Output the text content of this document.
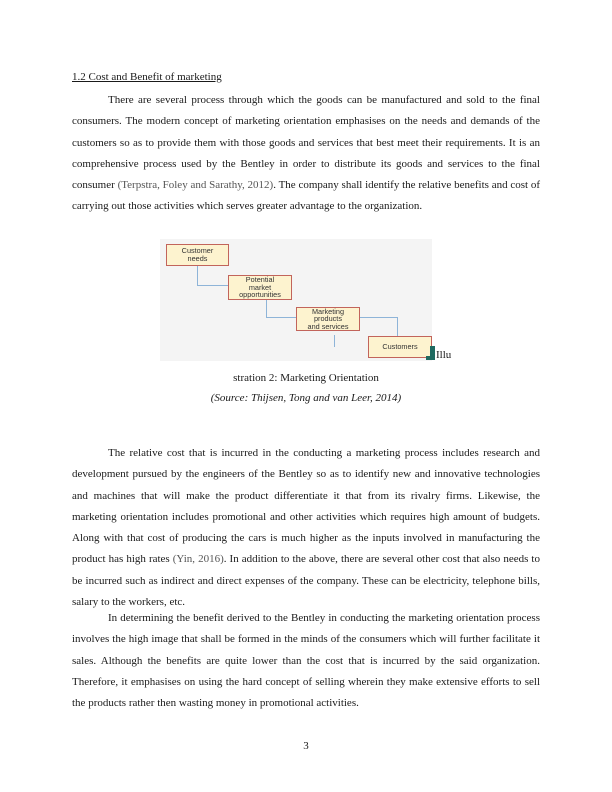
1.2 Cost and Benefit of marketing

There are several process through which the goods can be manufactured and sold to the final consumers. The modern concept of marketing orientation emphasises on the needs and demands of the customers so as to provide them with those goods and services that best meet their requirements. It is an comprehensive process used by the Bentley in order to distribute its goods and services to the final consumer (Terpstra, Foley and Sarathy, 2012). The company shall identify the relative benefits and cost of carrying out those activities which serves greater advantage to the organization.

Customer
needs
Potential
market
opportunities
Marketing
products
and services
Customers
Illu
stration 2: Marketing Orientation
(Source: Thijsen, Tong and van Leer, 2014)

The relative cost that is incurred in the conducting a marketing process includes research and development pursued by the engineers of the Bentley so as to identify new and innovative technologies and machines that will make the product differentiate it that from its rivalry firms. Likewise, the marketing orientation includes promotional and other activities which requires high amount of budgets. Along with that cost of producing the cars is much higher as the inputs involved in manufacturing the product has high rates (Yin, 2016). In addition to the above, there are several other cost that also needs to be incurred such as indirect and direct expenses of the company. These can be electricity, telephone bills, salary to the workers, etc.

In determining the benefit derived to the Bentley in conducting the marketing orientation process involves the high image that shall be formed in the minds of the consumers which will further facilitate it sales. Although the benefits are quite lower than the cost that is incurred by the said organization. Therefore, it emphasises on using the hard concept of selling wherein they make extensive efforts to sell the products rather then wasting money in promotional activities.

3
